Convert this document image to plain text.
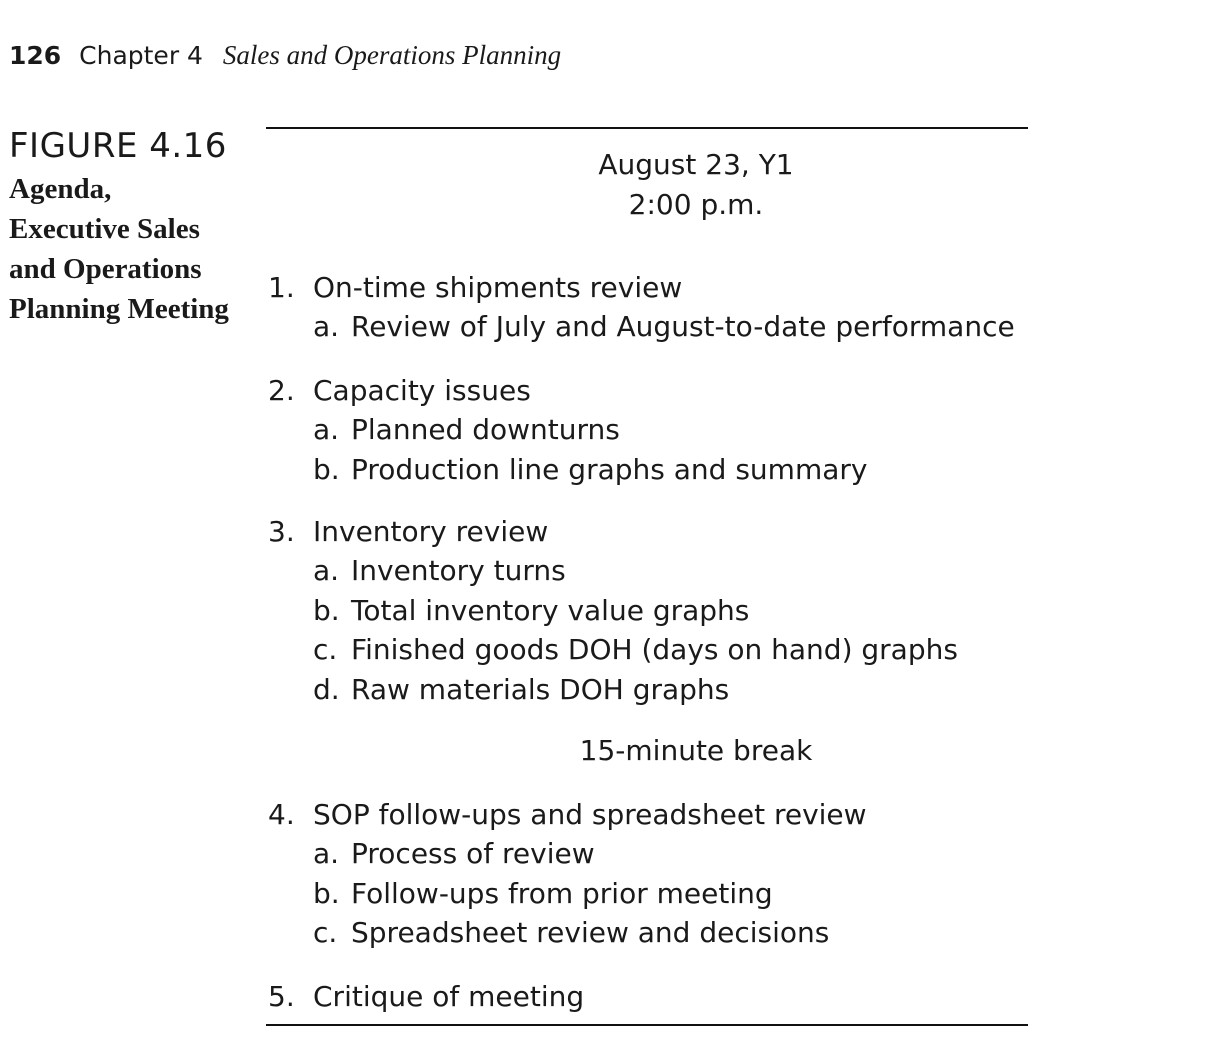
126 Chapter 4 Sales and Operations Planning
FIGURE 4.16
Agenda, Executive Sales and Operations Planning Meeting
August 23, Y1
2:00 p.m.
1. On-time shipments review
a. Review of July and August-to-date performance
2. Capacity issues
a. Planned downturns
b. Production line graphs and summary
3. Inventory review
a. Inventory turns
b. Total inventory value graphs
c. Finished goods DOH (days on hand) graphs
d. Raw materials DOH graphs
15-minute break
4. SOP follow-ups and spreadsheet review
a. Process of review
b. Follow-ups from prior meeting
c. Spreadsheet review and decisions
5. Critique of meeting
